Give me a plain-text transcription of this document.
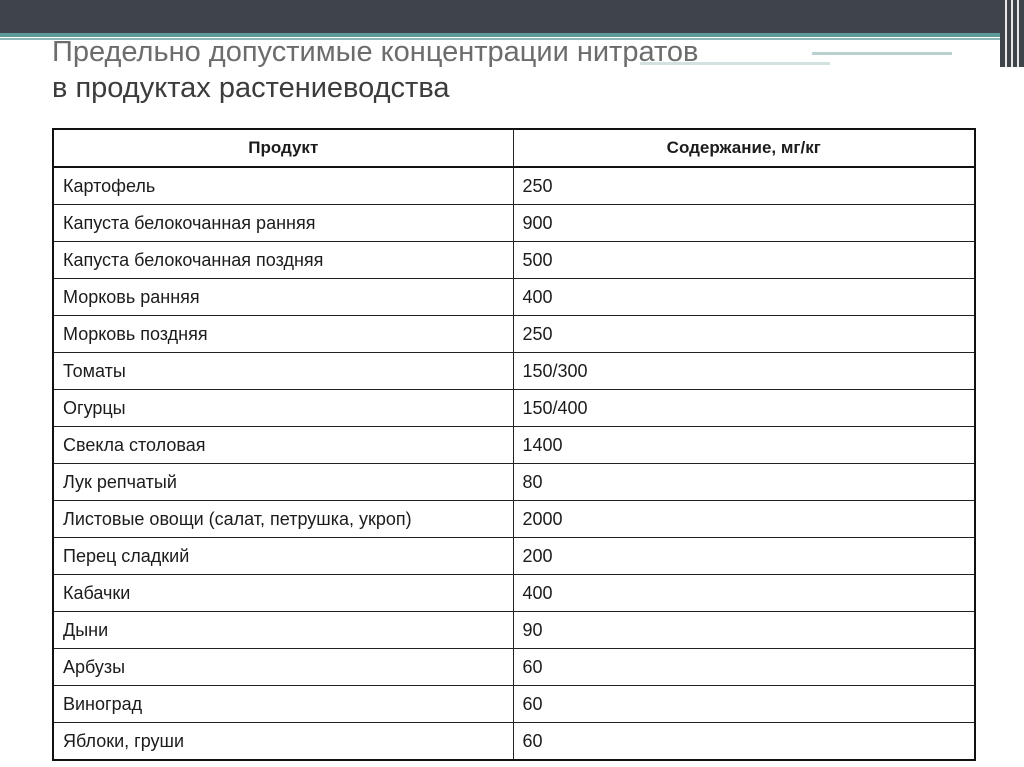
Предельно допустимые концентрации нитратов
в продуктах растениеводства
Продукт	Содержание, мг/кг
Картофель	250
Капуста белокочанная ранняя	900
Капуста белокочанная поздняя	500
Морковь ранняя	400
Морковь поздняя	250
Томаты	150/300
Огурцы	150/400
Свекла столовая	1400
Лук репчатый	80
Листовые овощи (салат, петрушка, укроп)	2000
Перец сладкий	200
Кабачки	400
Дыни	90
Арбузы	60
Виноград	60
Яблоки, груши	60
